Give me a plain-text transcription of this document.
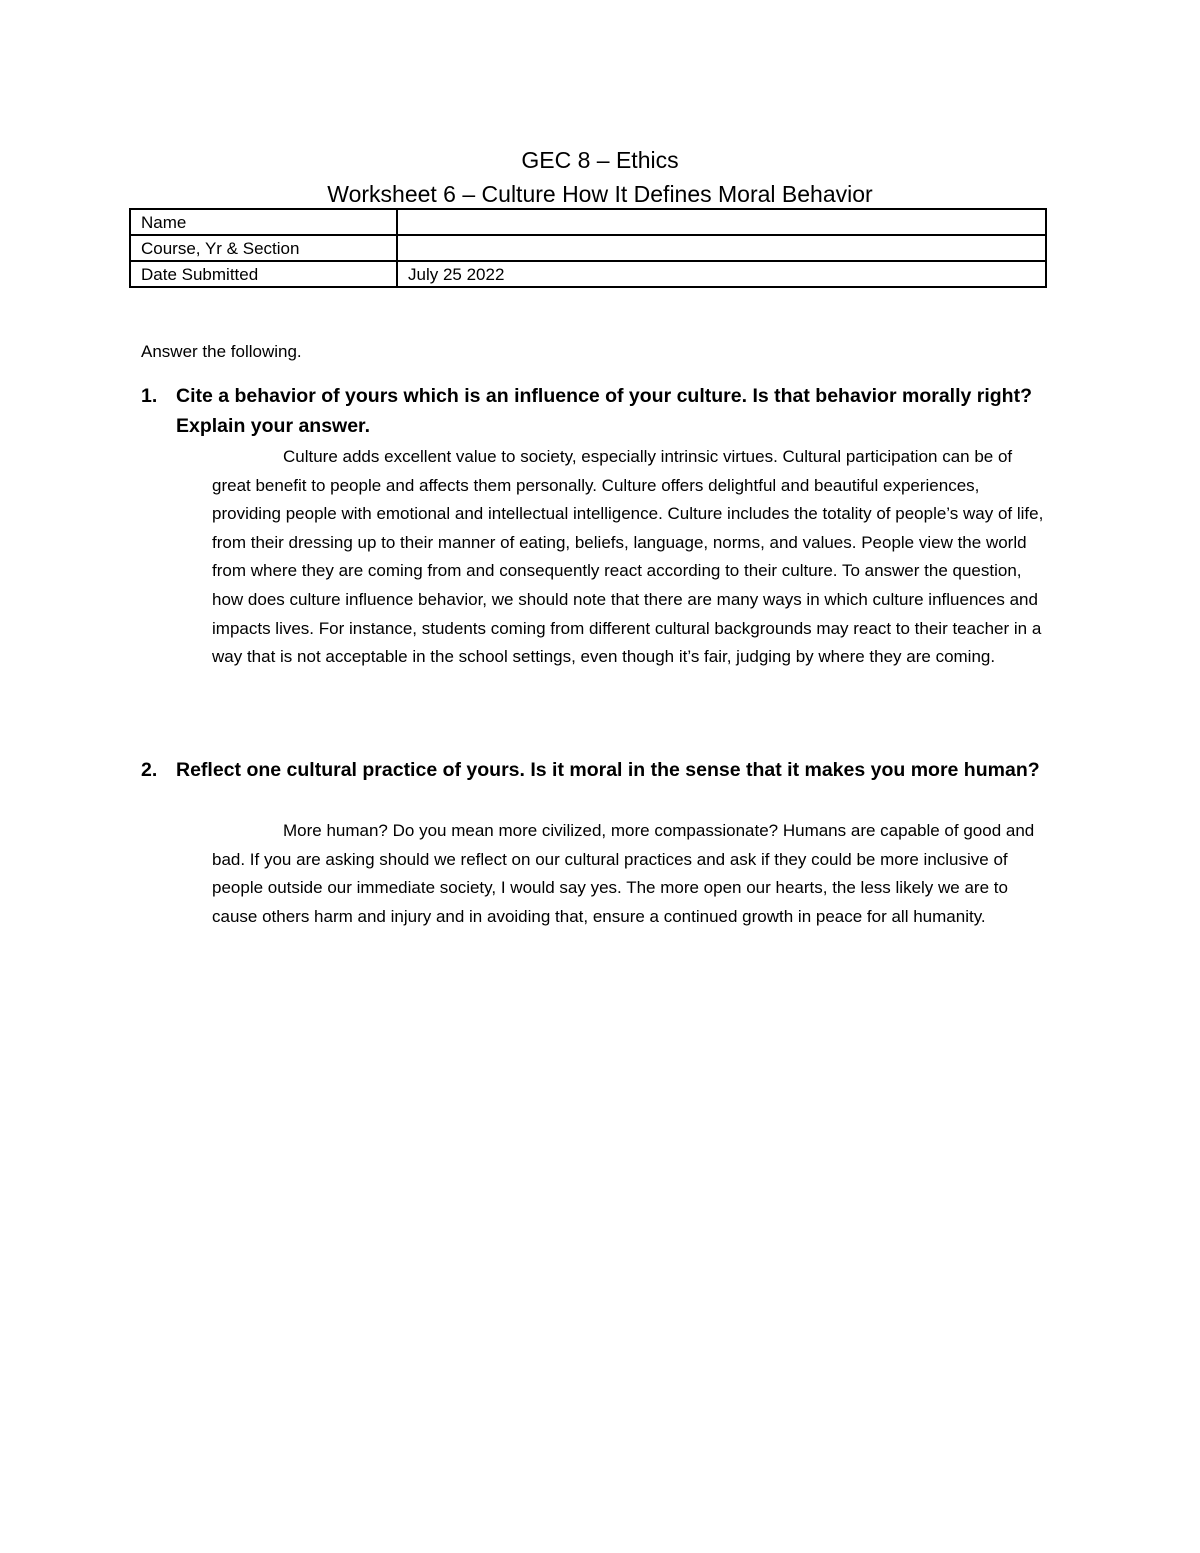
GEC 8 – Ethics
Worksheet 6 – Culture How It Defines Moral Behavior
Name	
Course, Yr & Section	
Date Submitted	July 25 2022
Answer the following.
1. Cite a behavior of yours which is an influence of your culture. Is that behavior morally right? Explain your answer.
Culture adds excellent value to society, especially intrinsic virtues. Cultural participation can be of great benefit to people and affects them personally. Culture offers delightful and beautiful experiences, providing people with emotional and intellectual intelligence. Culture includes the totality of people’s way of life, from their dressing up to their manner of eating, beliefs, language, norms, and values. People view the world from where they are coming from and consequently react according to their culture. To answer the question, how does culture influence behavior, we should note that there are many ways in which culture influences and impacts lives. For instance, students coming from different cultural backgrounds may react to their teacher in a way that is not acceptable in the school settings, even though it’s fair, judging by where they are coming.
2. Reflect one cultural practice of yours. Is it moral in the sense that it makes you more human?
More human? Do you mean more civilized, more compassionate? Humans are capable of good and bad. If you are asking should we reflect on our cultural practices and ask if they could be more inclusive of people outside our immediate society, I would say yes. The more open our hearts, the less likely we are to cause others harm and injury and in avoiding that, ensure a continued growth in peace for all humanity.
